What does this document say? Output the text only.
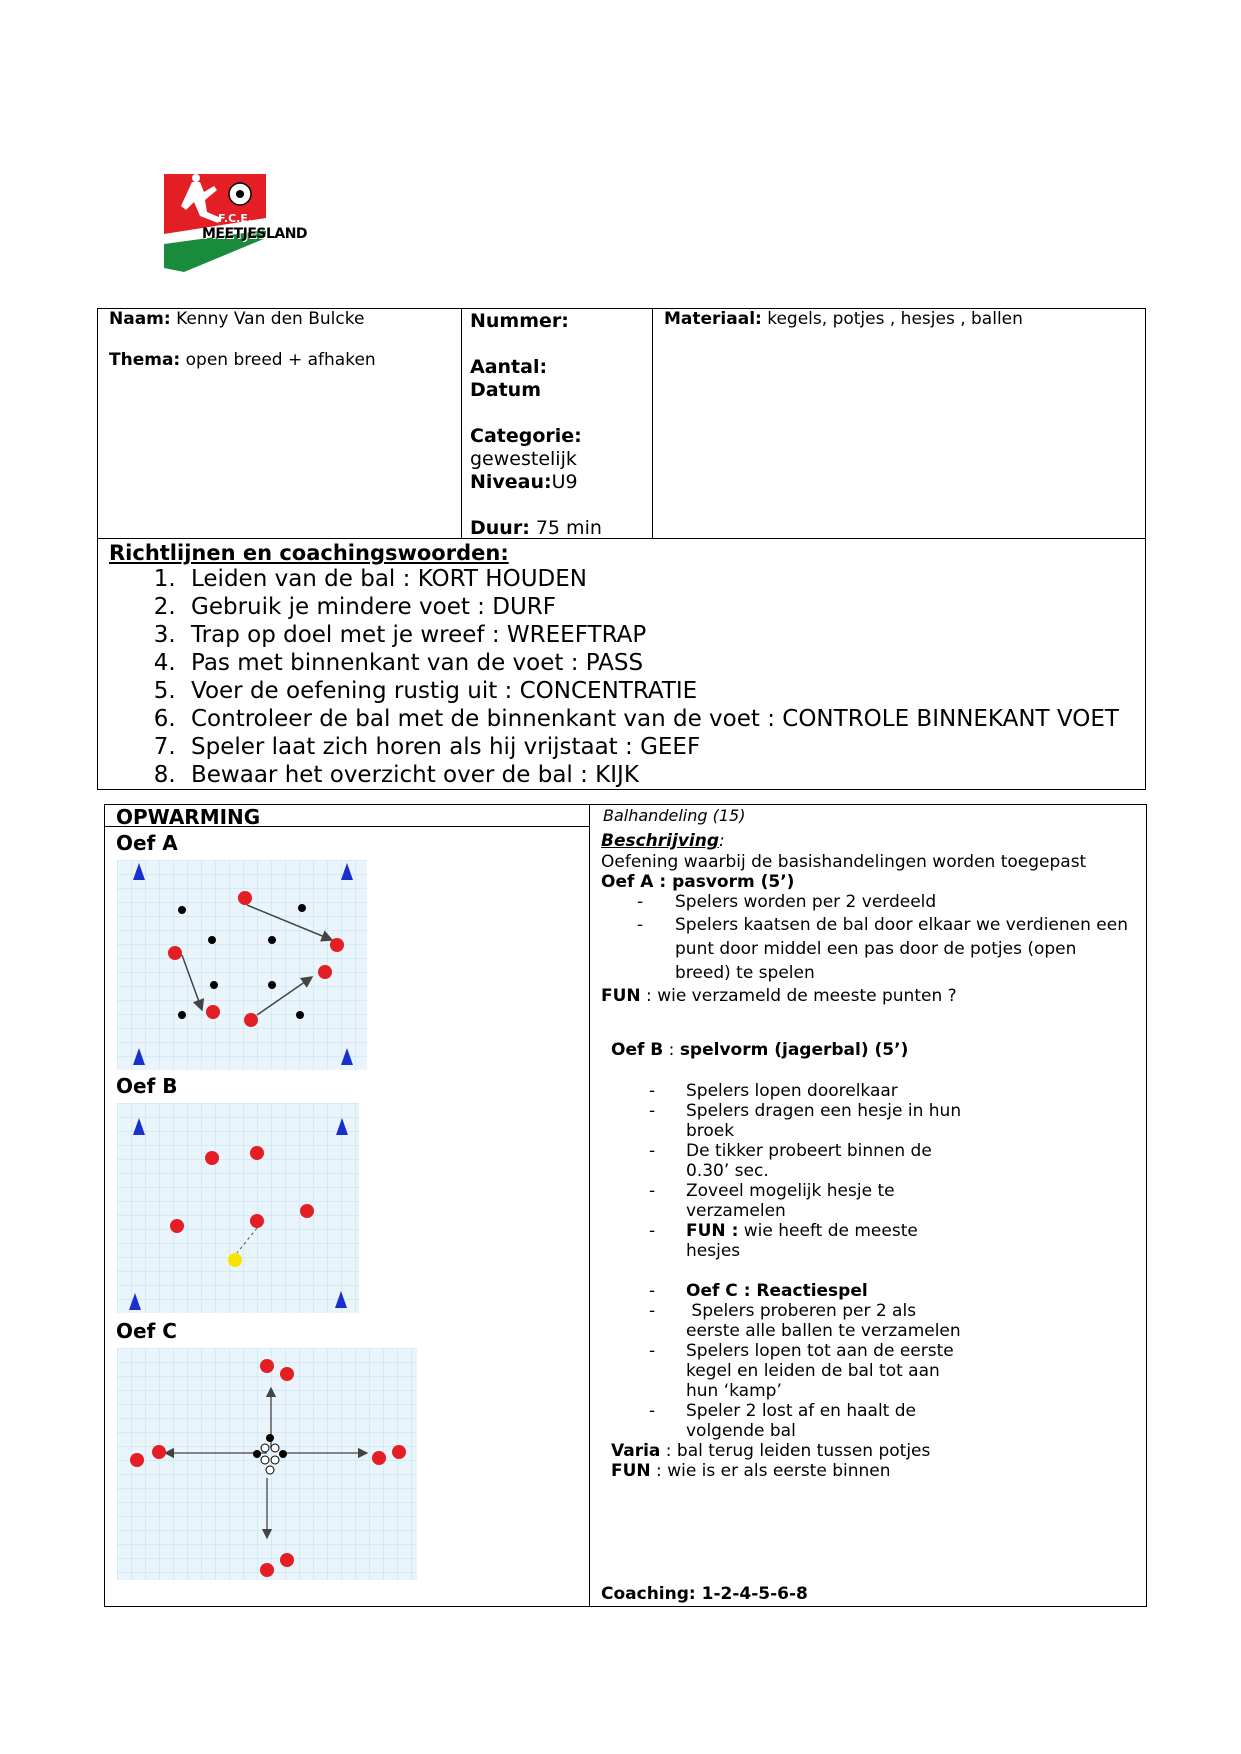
F.C.E.
MEETJESLAND
Naam: Kenny Van den Bulcke
Thema: open breed + afhaken
Nummer:
Aantal:
Datum
Categorie:
gewestelijk
Niveau:U9
Duur: 75 min
Materiaal: kegels, potjes , hesjes , ballen
Richtlijnen en coachingswoorden:
1. Leiden van de bal : KORT HOUDEN
2. Gebruik je mindere voet : DURF
3. Trap op doel met je wreef : WREEFTRAP
4. Pas met binnenkant van de voet : PASS
5. Voer de oefening rustig uit : CONCENTRATIE
6. Controleer de bal met de binnenkant van de voet : CONTROLE BINNEKANT VOET
7. Speler laat zich horen als hij vrijstaat : GEEF
8. Bewaar het overzicht over de bal : KIJK
OPWARMING	Balhandeling (15)
Oef A
Oef B
Oef C
Beschrijving:
Oefening waarbij de basishandelingen worden toegepast
Oef A : pasvorm (5’)
- Spelers worden per 2 verdeeld
- Spelers kaatsen de bal door elkaar we verdienen een
punt door middel een pas door de potjes (open
breed) te spelen
FUN : wie verzameld de meeste punten ?
Oef B : spelvorm (jagerbal) (5’)
- Spelers lopen doorelkaar
- Spelers dragen een hesje in hun
broek
- De tikker probeert binnen de
0.30’ sec.
- Zoveel mogelijk hesje te
verzamelen
- FUN : wie heeft de meeste
hesjes
- Oef C : Reactiespel
- Spelers proberen per 2 als
eerste alle ballen te verzamelen
- Spelers lopen tot aan de eerste
kegel en leiden de bal tot aan
hun ‘kamp’
- Speler 2 lost af en haalt de
volgende bal
Varia : bal terug leiden tussen potjes
FUN : wie is er als eerste binnen
Coaching: 1-2-4-5-6-8
